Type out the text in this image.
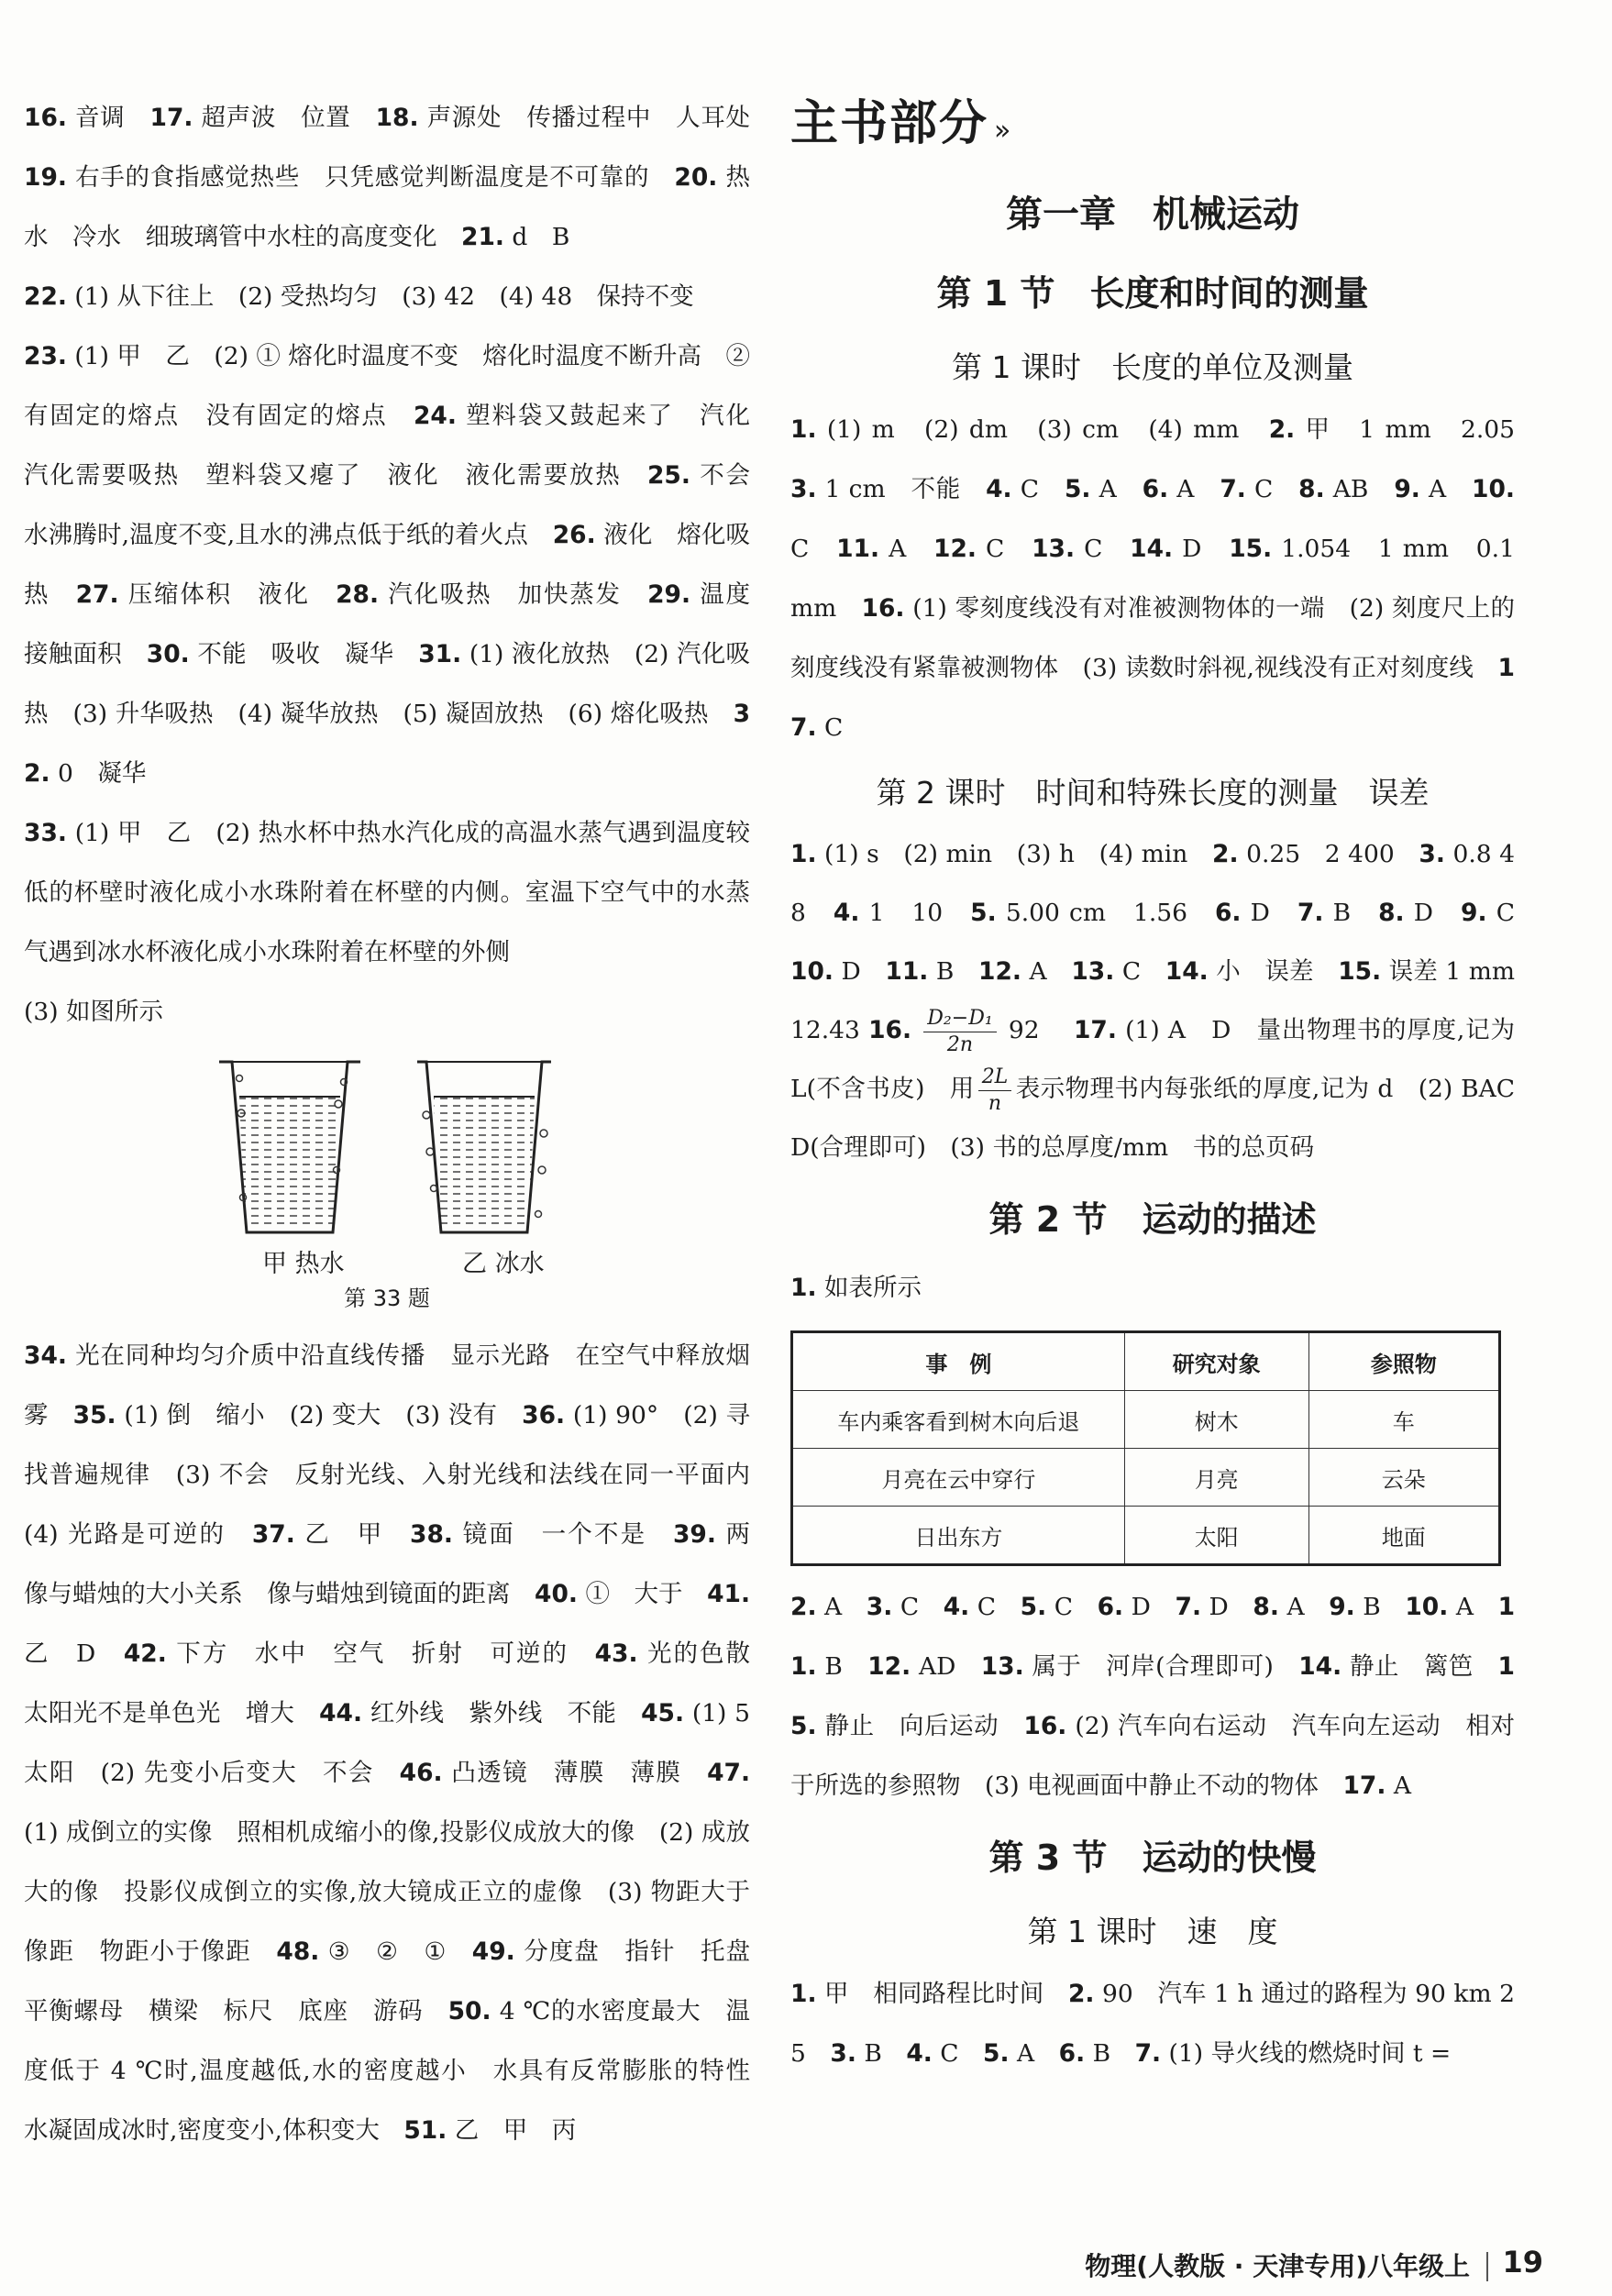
16. 音调　 17. 超声波　位置　 18. 声源处　传播过程中　人耳处　19. 右手的食指感觉热些　只凭感觉判断温度是不可靠的　 20. 热水　冷水　细玻璃管中水柱的高度变化　 21. d　B

22. (1) 从下往上　(2) 受热均匀　(3) 42　(4) 48　保持不变

23. (1) 甲　乙　(2) ① 熔化时温度不变　熔化时温度不断升高　② 有固定的熔点　没有固定的熔点　 24. 塑料袋又鼓起来了　汽化　汽化需要吸热　塑料袋又瘪了　液化　液化需要放热　 25. 不会　水沸腾时,温度不变,且水的沸点低于纸的着火点　 26. 液化　熔化吸热　 27. 压缩体积　液化　 28. 汽化吸热　加快蒸发　 29. 温度　接触面积　 30. 不能　吸收　凝华　 31. (1) 液化放热　(2) 汽化吸热　(3) 升华吸热　(4) 凝华放热　(5) 凝固放热　(6) 熔化吸热　 32. 0　凝华

33. (1) 甲　乙　(2) 热水杯中热水汽化成的高温水蒸气遇到温度较低的杯壁时液化成小水珠附着在杯壁的内侧。室温下空气中的水蒸气遇到冰水杯液化成小水珠附着在杯壁的外侧

(3) 如图所示

甲 热水	乙 冰水
第 33 题

34. 光在同种均匀介质中沿直线传播　显示光路　在空气中释放烟雾　 35. (1) 倒　缩小　(2) 变大　(3) 没有　 36. (1) 90°　(2) 寻找普遍规律　(3) 不会　反射光线、入射光线和法线在同一平面内　(4) 光路是可逆的　 37. 乙　甲　 38. 镜面　一个不是　 39. 两　像与蜡烛的大小关系　像与蜡烛到镜面的距离　 40. ①　大于　 41. 乙　D　 42. 下方　水中　空气　折射　可逆的　 43. 光的色散　太阳光不是单色光　增大　 44. 红外线　紫外线　不能　 45. (1) 5　太阳　(2) 先变小后变大　不会　 46. 凸透镜　薄膜　薄膜　 47. (1) 成倒立的实像　照相机成缩小的像,投影仪成放大的像　(2) 成放大的像　投影仪成倒立的实像,放大镜成正立的虚像　(3) 物距大于像距　物距小于像距　 48. ③　②　①　 49. 分度盘　指针　托盘　平衡螺母　横梁　标尺　底座　游码　 50. 4 ℃的水密度最大　温度低于 4 ℃时,温度越低,水的密度越小　水具有反常膨胀的特性　水凝固成冰时,密度变小,体积变大　 51. 乙　甲　丙

主书部分 »
第一章　机械运动
第 1 节　长度和时间的测量
第 1 课时　长度的单位及测量

1. (1) m　(2) dm　(3) cm　(4) mm　 2. 甲　1 mm　2.05　3. 1 cm　不能　 4. C　 5. A　 6. A　 7. C　 8. AB　 9. A　 10. C　 11. A　 12. C　 13. C　 14. D　 15. 1.054　1 mm　0.1 mm　 16. (1) 零刻度线没有对准被测物体的一端　(2) 刻度尺上的刻度线没有紧靠被测物体　(3) 读数时斜视,视线没有正对刻度线　 17. C

第 2 课时　时间和特殊长度的测量　误差

1. (1) s　(2) min　(3) h　(4) min　 2. 0.25　2 400　 3. 0.8 48　 4. 1　10　 5. 5.00 cm　1.56　 6. D　 7. B　 8. D　 9. C　10. D　 11. B　 12. A　 13. C　 14. 小　误差　 15. 误差 1 mm　12.43 16. $\frac{\text{D₂−D₁}}{2n} 92$　 17. (1) A　D　量出物理书的厚度,记为 L(不含书皮)　用 $\frac{2L}{n}$ 表示物理书内每张纸的厚度,记为 d　(2) BACD(合理即可)　(3) 书的总厚度/mm　书的总页码

第 2 节　运动的描述

1. 如表所示

事　例	研究对象	参照物
车内乘客看到树木向后退	树木	车
月亮在云中穿行	月亮	云朵
日出东方	太阳	地面

2. A　 3. C　 4. C　 5. C　 6. D　 7. D　 8. A　 9. B　 10. A　 11. B　 12. AD　 13. 属于　河岸(合理即可)　 14. 静止　篱笆　 15. 静止　向后运动　 16. (2) 汽车向右运动　汽车向左运动　相对于所选的参照物　(3) 电视画面中静止不动的物体　 17. A

第 3 节　运动的快慢
第 1 课时　速　度

1. 甲　相同路程比时间　 2. 90　汽车 1 h 通过的路程为 90 km 25　 3. B　 4. C　 5. A　 6. B　 7. (1) 导火线的燃烧时间 t =

物理(人教版 · 天津专用)八年级上 19
